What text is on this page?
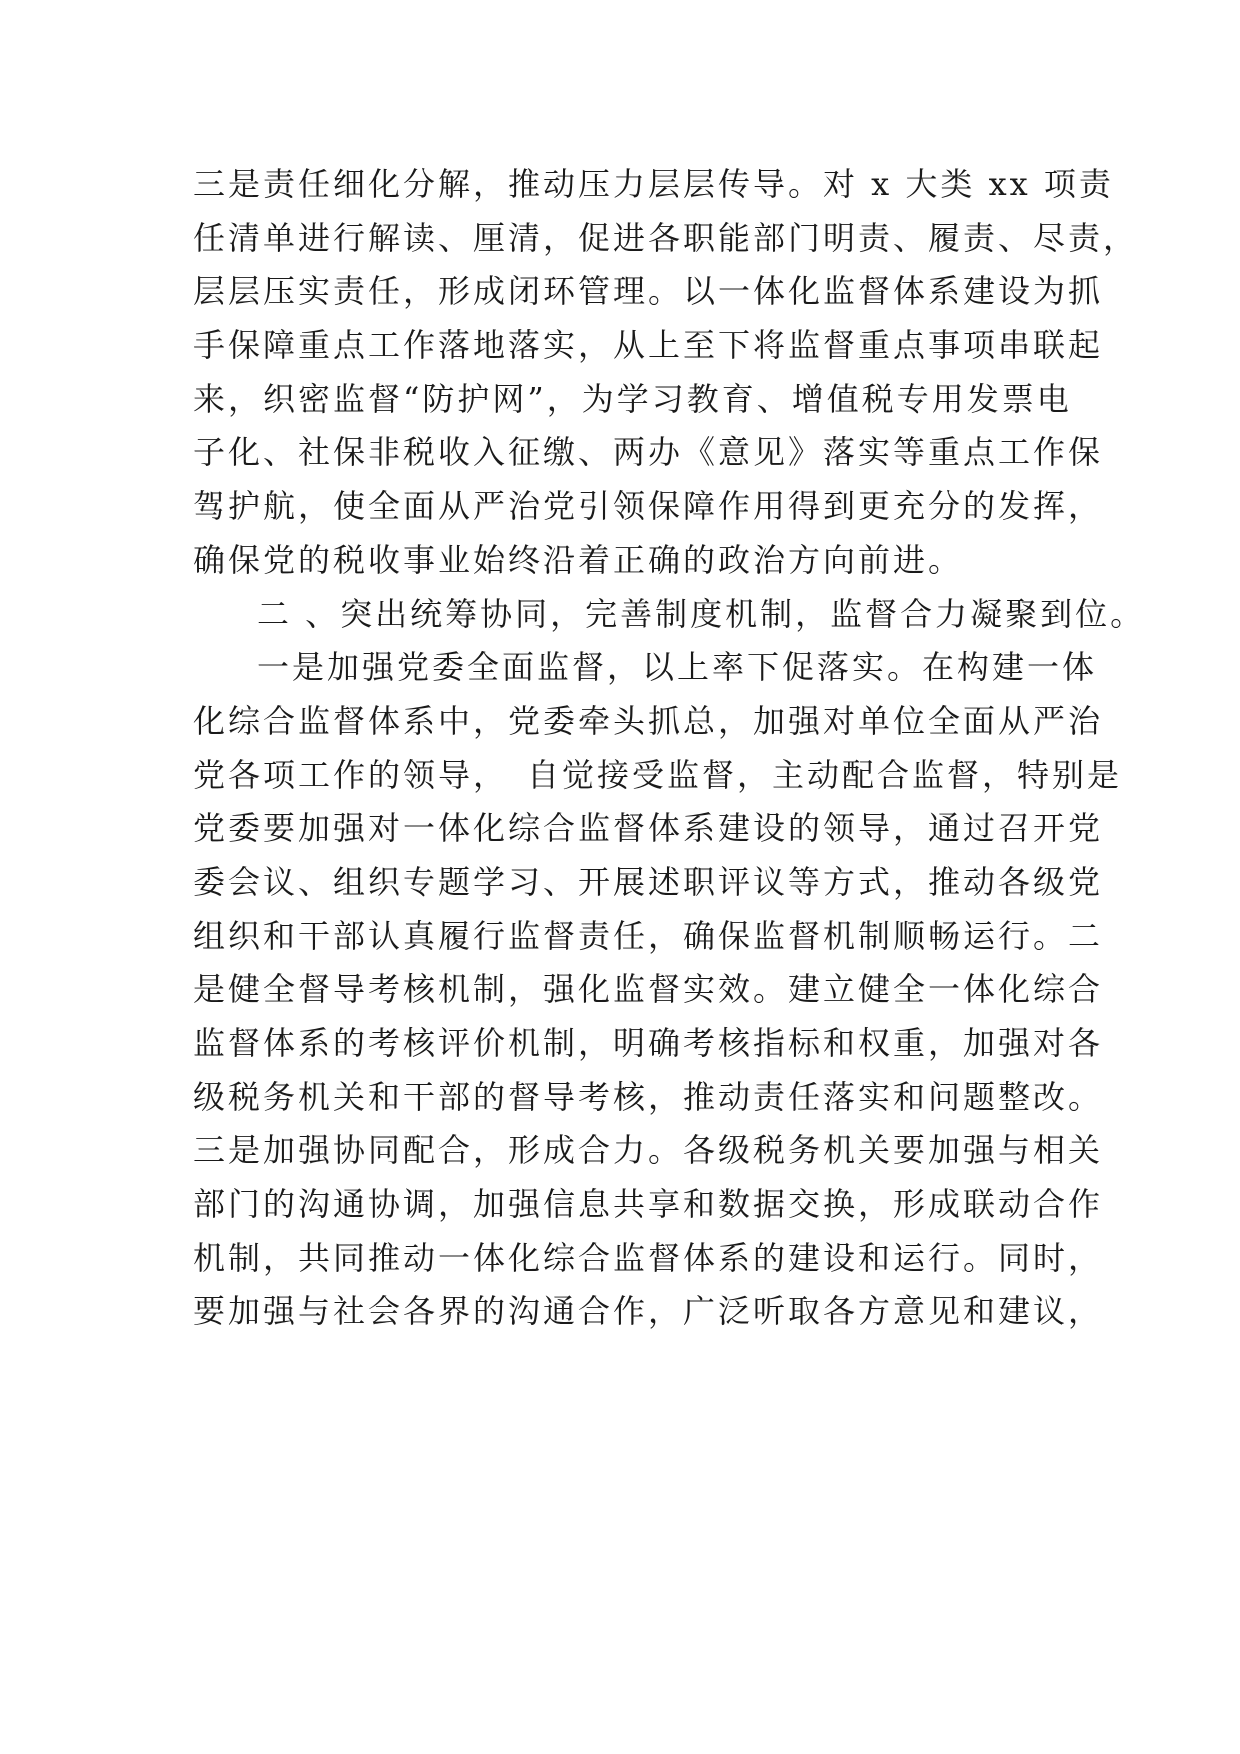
三是责任细化分解，推动压力层层传导。对 x 大类 xx 项责
任清单进行解读、厘清，促进各职能部门明责、履责、尽责，
层层压实责任，形成闭环管理。以一体化监督体系建设为抓
手保障重点工作落地落实，从上至下将监督重点事项串联起
来，织密监督“防护网”，为学习教育、增值税专用发票电
子化、社保非税收入征缴、两办《意见》落实等重点工作保
驾护航，使全面从严治党引领保障作用得到更充分的发挥，
确保党的税收事业始终沿着正确的政治方向前进。
二 、突出统筹协同，完善制度机制，监督合力凝聚到位。
一是加强党委全面监督，以上率下促落实。在构建一体
化综合监督体系中，党委牵头抓总，加强对单位全面从严治
党各项工作的领导，　自觉接受监督，主动配合监督，特别是
党委要加强对一体化综合监督体系建设的领导，通过召开党
委会议、组织专题学习、开展述职评议等方式，推动各级党
组织和干部认真履行监督责任，确保监督机制顺畅运行。二
是健全督导考核机制，强化监督实效。建立健全一体化综合
监督体系的考核评价机制，明确考核指标和权重，加强对各
级税务机关和干部的督导考核，推动责任落实和问题整改。
三是加强协同配合，形成合力。各级税务机关要加强与相关
部门的沟通协调，加强信息共享和数据交换，形成联动合作
机制，共同推动一体化综合监督体系的建设和运行。同时，
要加强与社会各界的沟通合作，广泛听取各方意见和建议，
